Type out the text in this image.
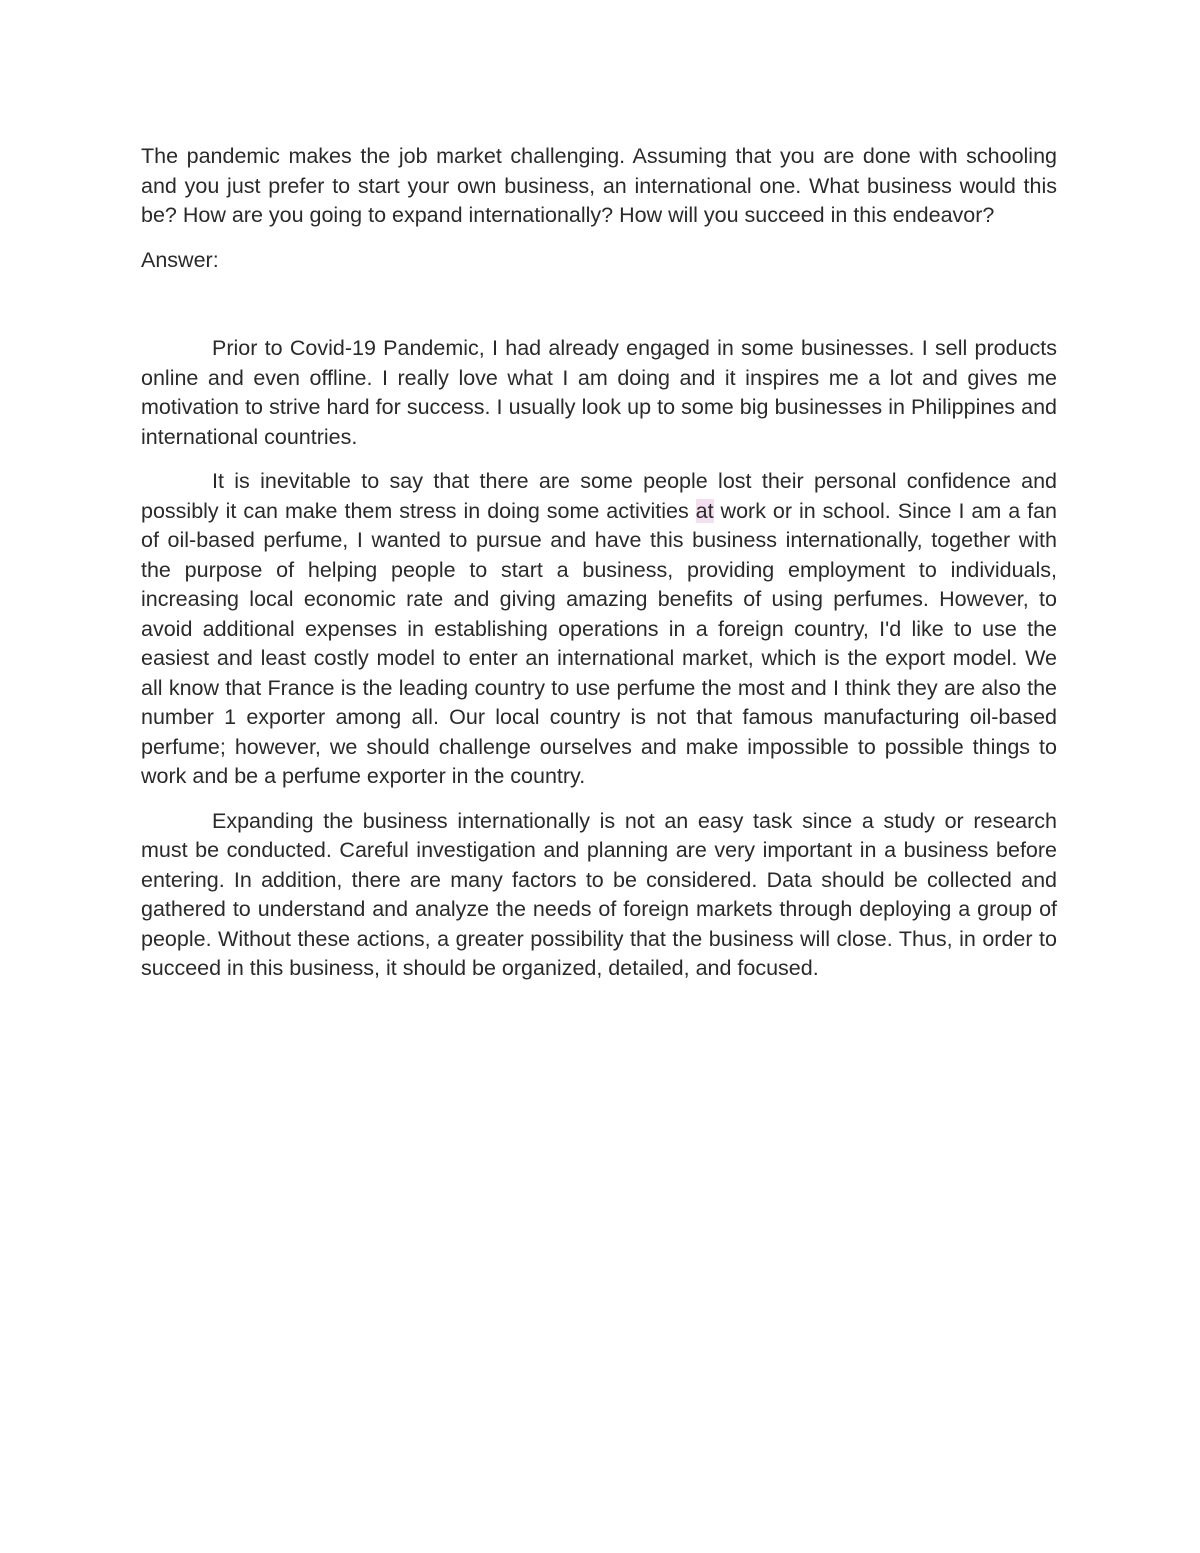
The pandemic makes the job market challenging. Assuming that you are done with schooling and you just prefer to start your own business, an international one. What business would this be? How are you going to expand internationally? How will you succeed in this endeavor?

Answer:

Prior to Covid-19 Pandemic, I had already engaged in some businesses. I sell products online and even offline. I really love what I am doing and it inspires me a lot and gives me motivation to strive hard for success. I usually look up to some big businesses in Philippines and international countries.

It is inevitable to say that there are some people lost their personal confidence and possibly it can make them stress in doing some activities at work or in school. Since I am a fan of oil-based perfume, I wanted to pursue and have this business internationally, together with the purpose of helping people to start a business, providing employment to individuals, increasing local economic rate and giving amazing benefits of using perfumes. However, to avoid additional expenses in establishing operations in a foreign country, I'd like to use the easiest and least costly model to enter an international market, which is the export model. We all know that France is the leading country to use perfume the most and I think they are also the number 1 exporter among all. Our local country is not that famous manufacturing oil-based perfume; however, we should challenge ourselves and make impossible to possible things to work and be a perfume exporter in the country.

Expanding the business internationally is not an easy task since a study or research must be conducted. Careful investigation and planning are very important in a business before entering. In addition, there are many factors to be considered. Data should be collected and gathered to understand and analyze the needs of foreign markets through deploying a group of people. Without these actions, a greater possibility that the business will close. Thus, in order to succeed in this business, it should be organized, detailed, and focused.
